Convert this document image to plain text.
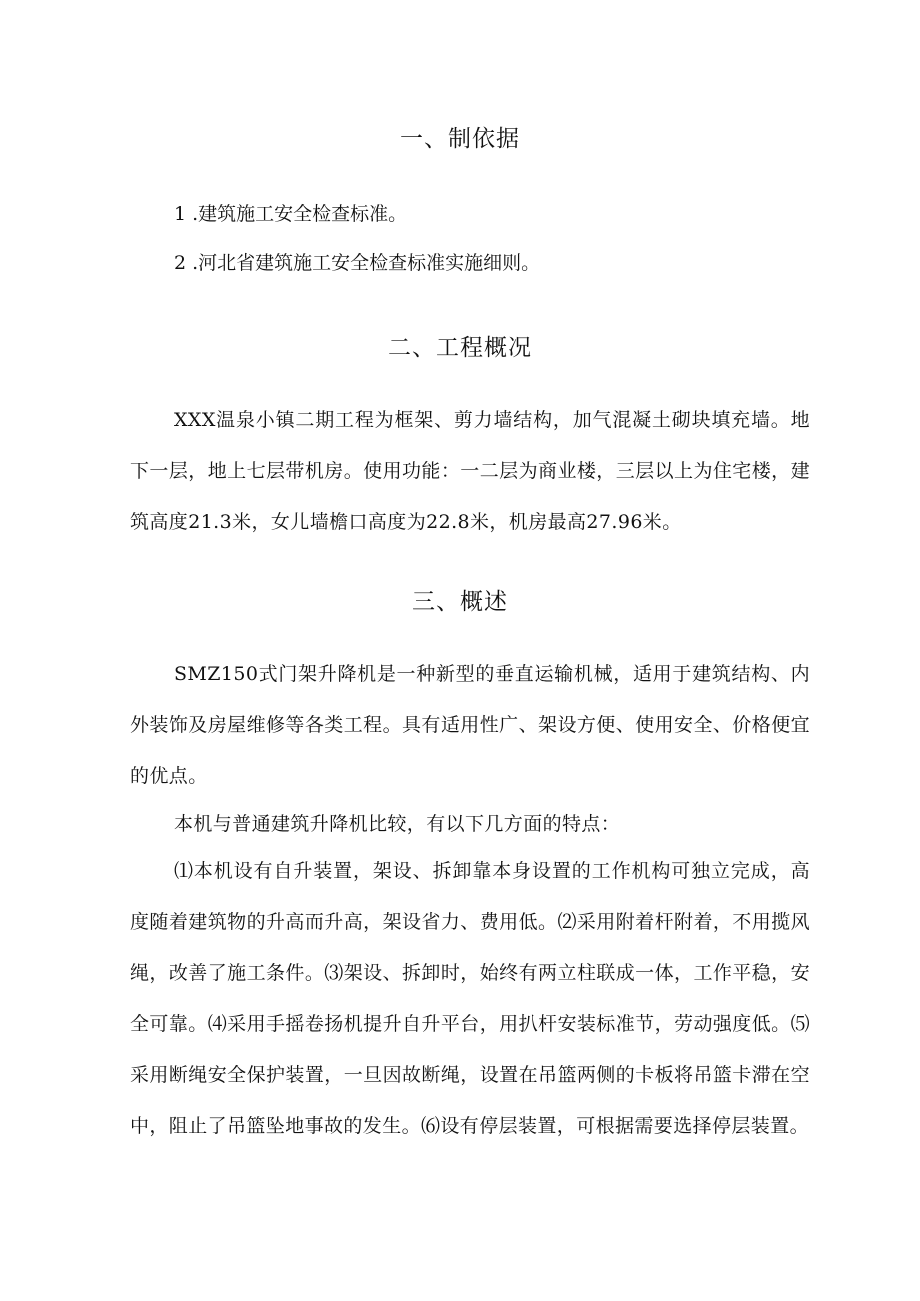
一、制依据

1 .建筑施工安全检查标准。

2 .河北省建筑施工安全检查标准实施细则。

二、工程概况

XXX温泉小镇二期工程为框架、剪力墙结构，加气混凝土砌块填充墙。地下一层，地上七层带机房。使用功能：一二层为商业楼，三层以上为住宅楼，建筑高度21.3米，女儿墙檐口高度为22.8米，机房最高27.96米。

三、概述

SMZ150式门架升降机是一种新型的垂直运输机械，适用于建筑结构、内外装饰及房屋维修等各类工程。具有适用性广、架设方便、使用安全、价格便宜的优点。

本机与普通建筑升降机比较，有以下几方面的特点：

⑴本机设有自升装置，架设、拆卸靠本身设置的工作机构可独立完成，高度随着建筑物的升高而升高，架设省力、费用低。⑵采用附着杆附着，不用揽风绳，改善了施工条件。⑶架设、拆卸时，始终有两立柱联成一体，工作平稳，安全可靠。⑷采用手摇卷扬机提升自升平台，用扒杆安装标准节，劳动强度低。⑸采用断绳安全保护装置，一旦因故断绳，设置在吊篮两侧的卡板将吊篮卡滞在空中，阻止了吊篮坠地事故的发生。⑹设有停层装置，可根据需要选择停层装置。
